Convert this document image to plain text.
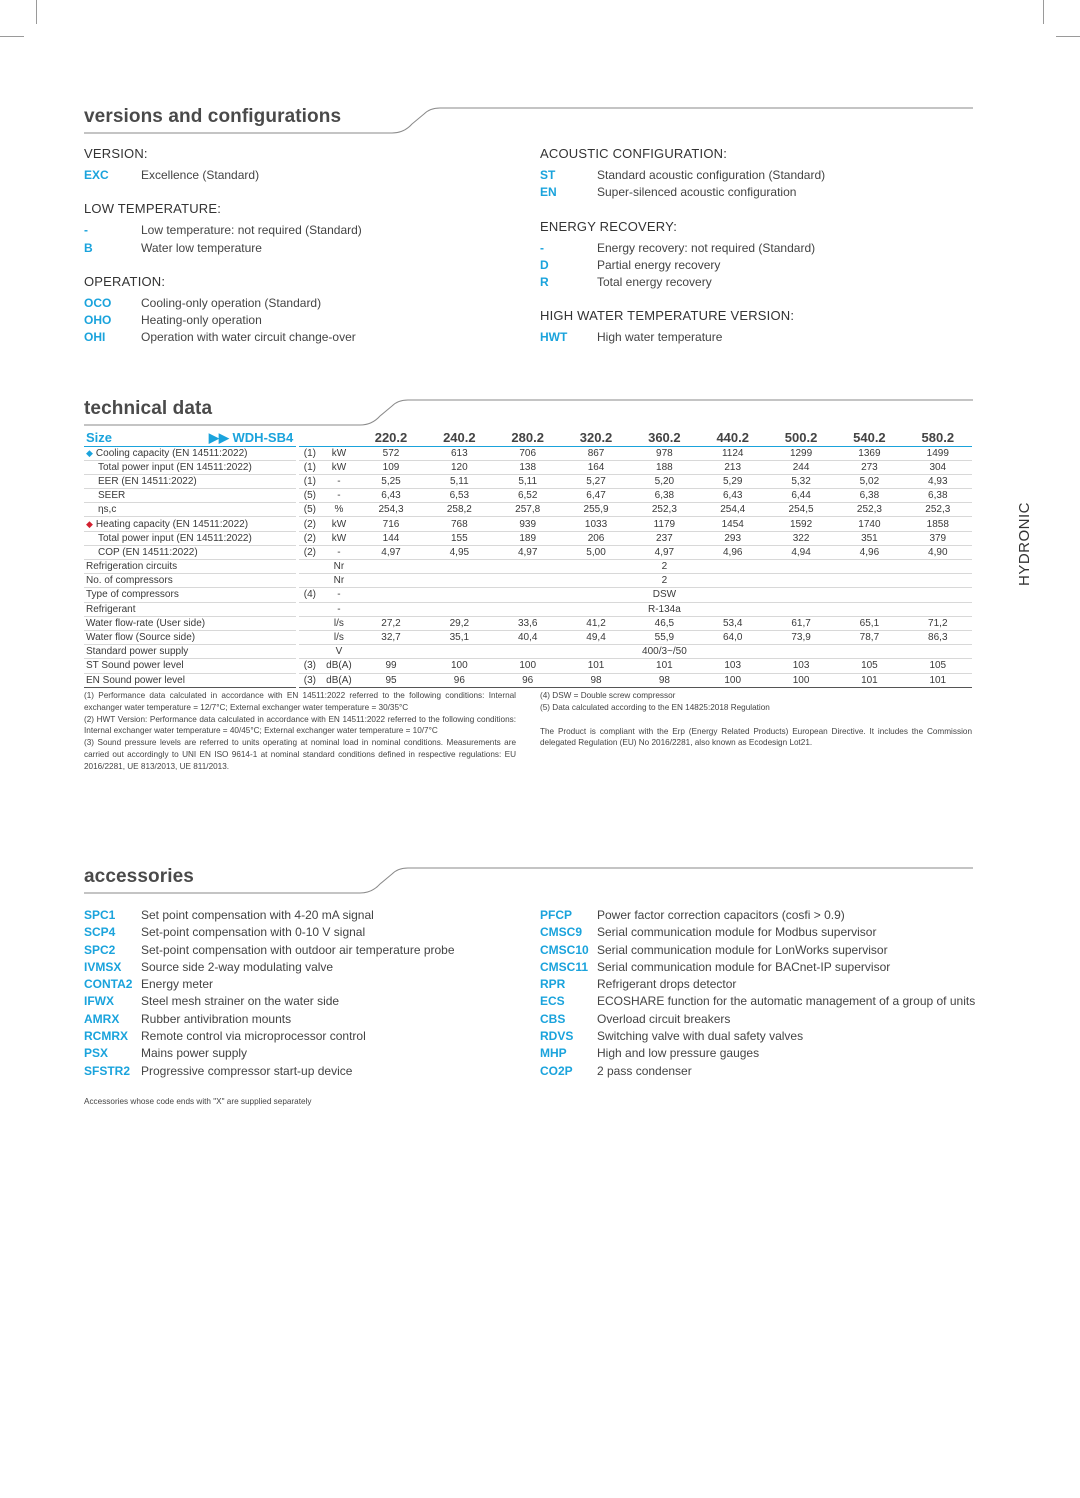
versions and configurations
VERSION:
EXC	Excellence (Standard)
LOW TEMPERATURE:
-	Low temperature: not required (Standard)
B	Water low temperature
OPERATION:
OCO	Cooling-only operation (Standard)
OHO	Heating-only operation
OHI	Operation with water circuit change-over
ACOUSTIC CONFIGURATION:
ST	Standard acoustic configuration (Standard)
EN	Super-silenced acoustic configuration
ENERGY RECOVERY:
-	Energy recovery: not required (Standard)
D	Partial energy recovery
R	Total energy recovery
HIGH WATER TEMPERATURE VERSION:
HWT	High water temperature
technical data
Size ▶▶ WDH-SB4			220.2	240.2	280.2	320.2	360.2	440.2	500.2	540.2	580.2
◆ Cooling capacity (EN 14511:2022)	(1)	kW	572	613	706	867	978	1124	1299	1369	1499
Total power input (EN 14511:2022)	(1)	kW	109	120	138	164	188	213	244	273	304
EER (EN 14511:2022)	(1)	-	5,25	5,11	5,11	5,27	5,20	5,29	5,32	5,02	4,93
SEER	(5)	-	6,43	6,53	6,52	6,47	6,38	6,43	6,44	6,38	6,38
ηs,c	(5)	%	254,3	258,2	257,8	255,9	252,3	254,4	254,5	252,3	252,3
◆ Heating capacity (EN 14511:2022)	(2)	kW	716	768	939	1033	1179	1454	1592	1740	1858
Total power input (EN 14511:2022)	(2)	kW	144	155	189	206	237	293	322	351	379
COP (EN 14511:2022)	(2)	-	4,97	4,95	4,97	5,00	4,97	4,96	4,94	4,96	4,90
Refrigeration circuits		Nr	2								
No. of compressors		Nr	2								
Type of compressors	(4)	-	DSW								
Refrigerant		-	R-134a								
Water flow-rate (User side)		l/s	27,2	29,2	33,6	41,2	46,5	53,4	61,7	65,1	71,2
Water flow (Source side)		l/s	32,7	35,1	40,4	49,4	55,9	64,0	73,9	78,7	86,3
Standard power supply		V	400/3~/50								
ST Sound power level	(3)	dB(A)	99	100	100	101	101	103	103	105	105
EN Sound power level	(3)	dB(A)	95	96	96	98	98	100	100	101	101
(1) Performance data calculated in accordance with EN 14511:2022 referred to the following conditions: Internal exchanger water temperature = 12/7°C; External exchanger water temperature = 30/35°C
(2) HWT Version: Performance data calculated in accordance with EN 14511:2022 referred to the following conditions: Internal exchanger water temperature = 40/45°C; External exchanger water temperature = 10/7°C
(3) Sound pressure levels are referred to units operating at nominal load in nominal conditions. Measurements are carried out accordingly to UNI EN ISO 9614-1 at nominal standard conditions defined in respective regulations: EU 2016/2281, UE 813/2013, UE 811/2013.
(4) DSW = Double screw compressor
(5) Data calculated according to the EN 14825:2018 Regulation
The Product is compliant with the Erp (Energy Related Products) European Directive. It includes the Commission delegated Regulation (EU) No 2016/2281, also known as Ecodesign Lot21.
HYDRONIC
accessories
SPC1	Set point compensation with 4-20 mA signal
SCP4	Set-point compensation with 0-10 V signal
SPC2	Set-point compensation with outdoor air temperature probe
IVMSX	Source side 2-way modulating valve
CONTA2 Energy meter
IFWX	Steel mesh strainer on the water side
AMRX	Rubber antivibration mounts
RCMRX	Remote control via microprocessor control
PSX	Mains power supply
SFSTR2 Progressive compressor start-up device
PFCP	Power factor correction capacitors (cosfi > 0.9)
CMSC9	Serial communication module for Modbus supervisor
CMSC10 Serial communication module for LonWorks supervisor
CMSC11 Serial communication module for BACnet-IP supervisor
RPR	Refrigerant drops detector
ECS	ECOSHARE function for the automatic management of a group of units
CBS	Overload circuit breakers
RDVS	Switching valve with dual safety valves
MHP	High and low pressure gauges
CO2P	2 pass condenser
Accessories whose code ends with "X" are supplied separately
